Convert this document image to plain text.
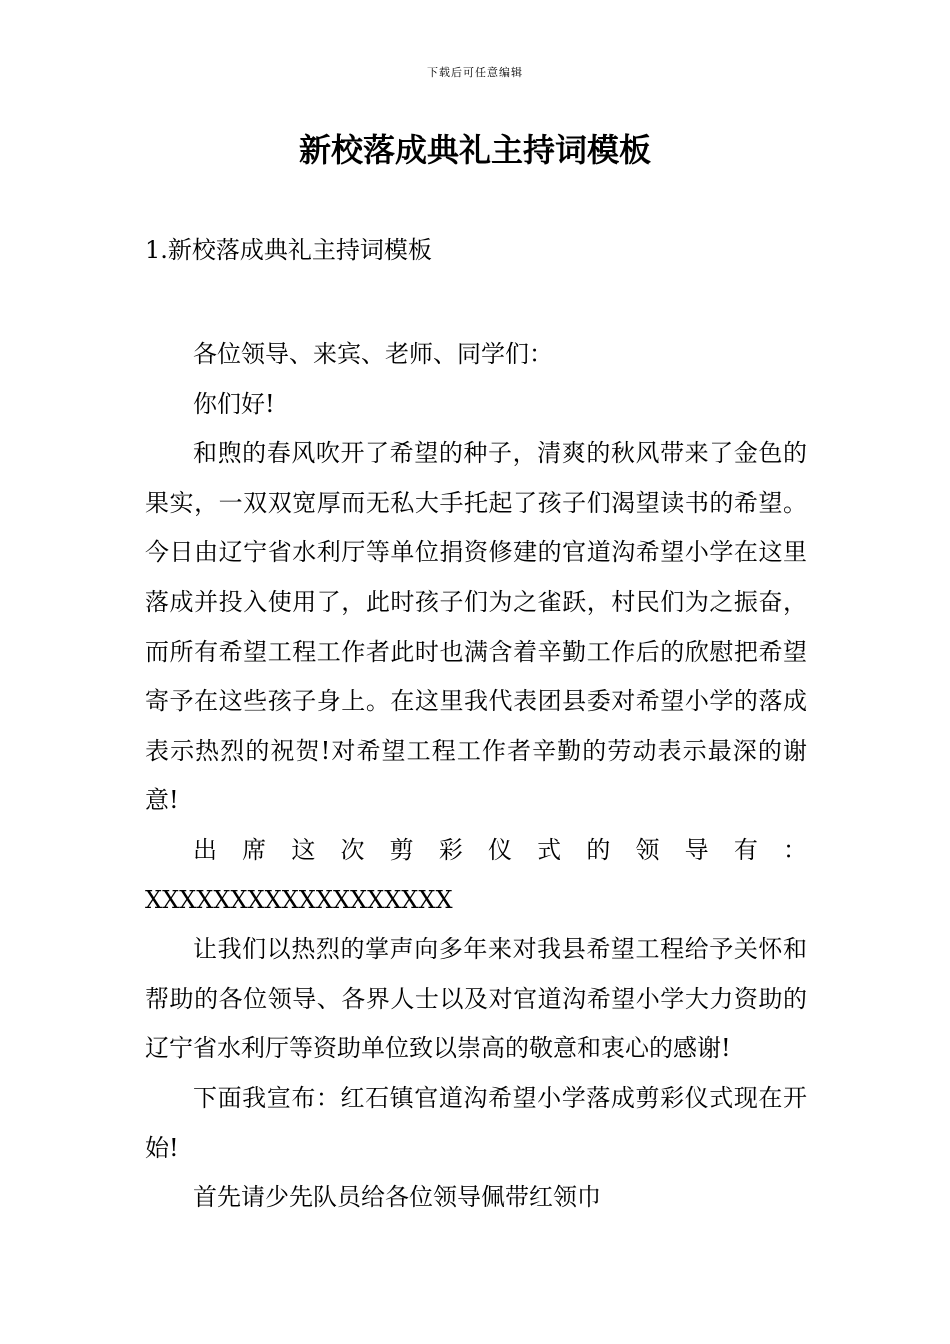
下载后可任意编辑
新校落成典礼主持词模板
1.新校落成典礼主持词模板

各位领导、来宾、老师、同学们：

你们好!

和煦的春风吹开了希望的种子，清爽的秋风带来了金色的果实，一双双宽厚而无私大手托起了孩子们渴望读书的希望。今日由辽宁省水利厅等单位捐资修建的官道沟希望小学在这里落成并投入使用了，此时孩子们为之雀跃，村民们为之振奋，而所有希望工程工作者此时也满含着辛勤工作后的欣慰把希望寄予在这些孩子身上。在这里我代表团县委对希望小学的落成表示热烈的祝贺!对希望工程工作者辛勤的劳动表示最深的谢意!

出席这次剪彩仪式的领导有：XXXXXXXXXXXXXXXXXX

让我们以热烈的掌声向多年来对我县希望工程给予关怀和帮助的各位领导、各界人士以及对官道沟希望小学大力资助的辽宁省水利厅等资助单位致以崇高的敬意和衷心的感谢!

下面我宣布：红石镇官道沟希望小学落成剪彩仪式现在开始!

首先请少先队员给各位领导佩带红领巾
